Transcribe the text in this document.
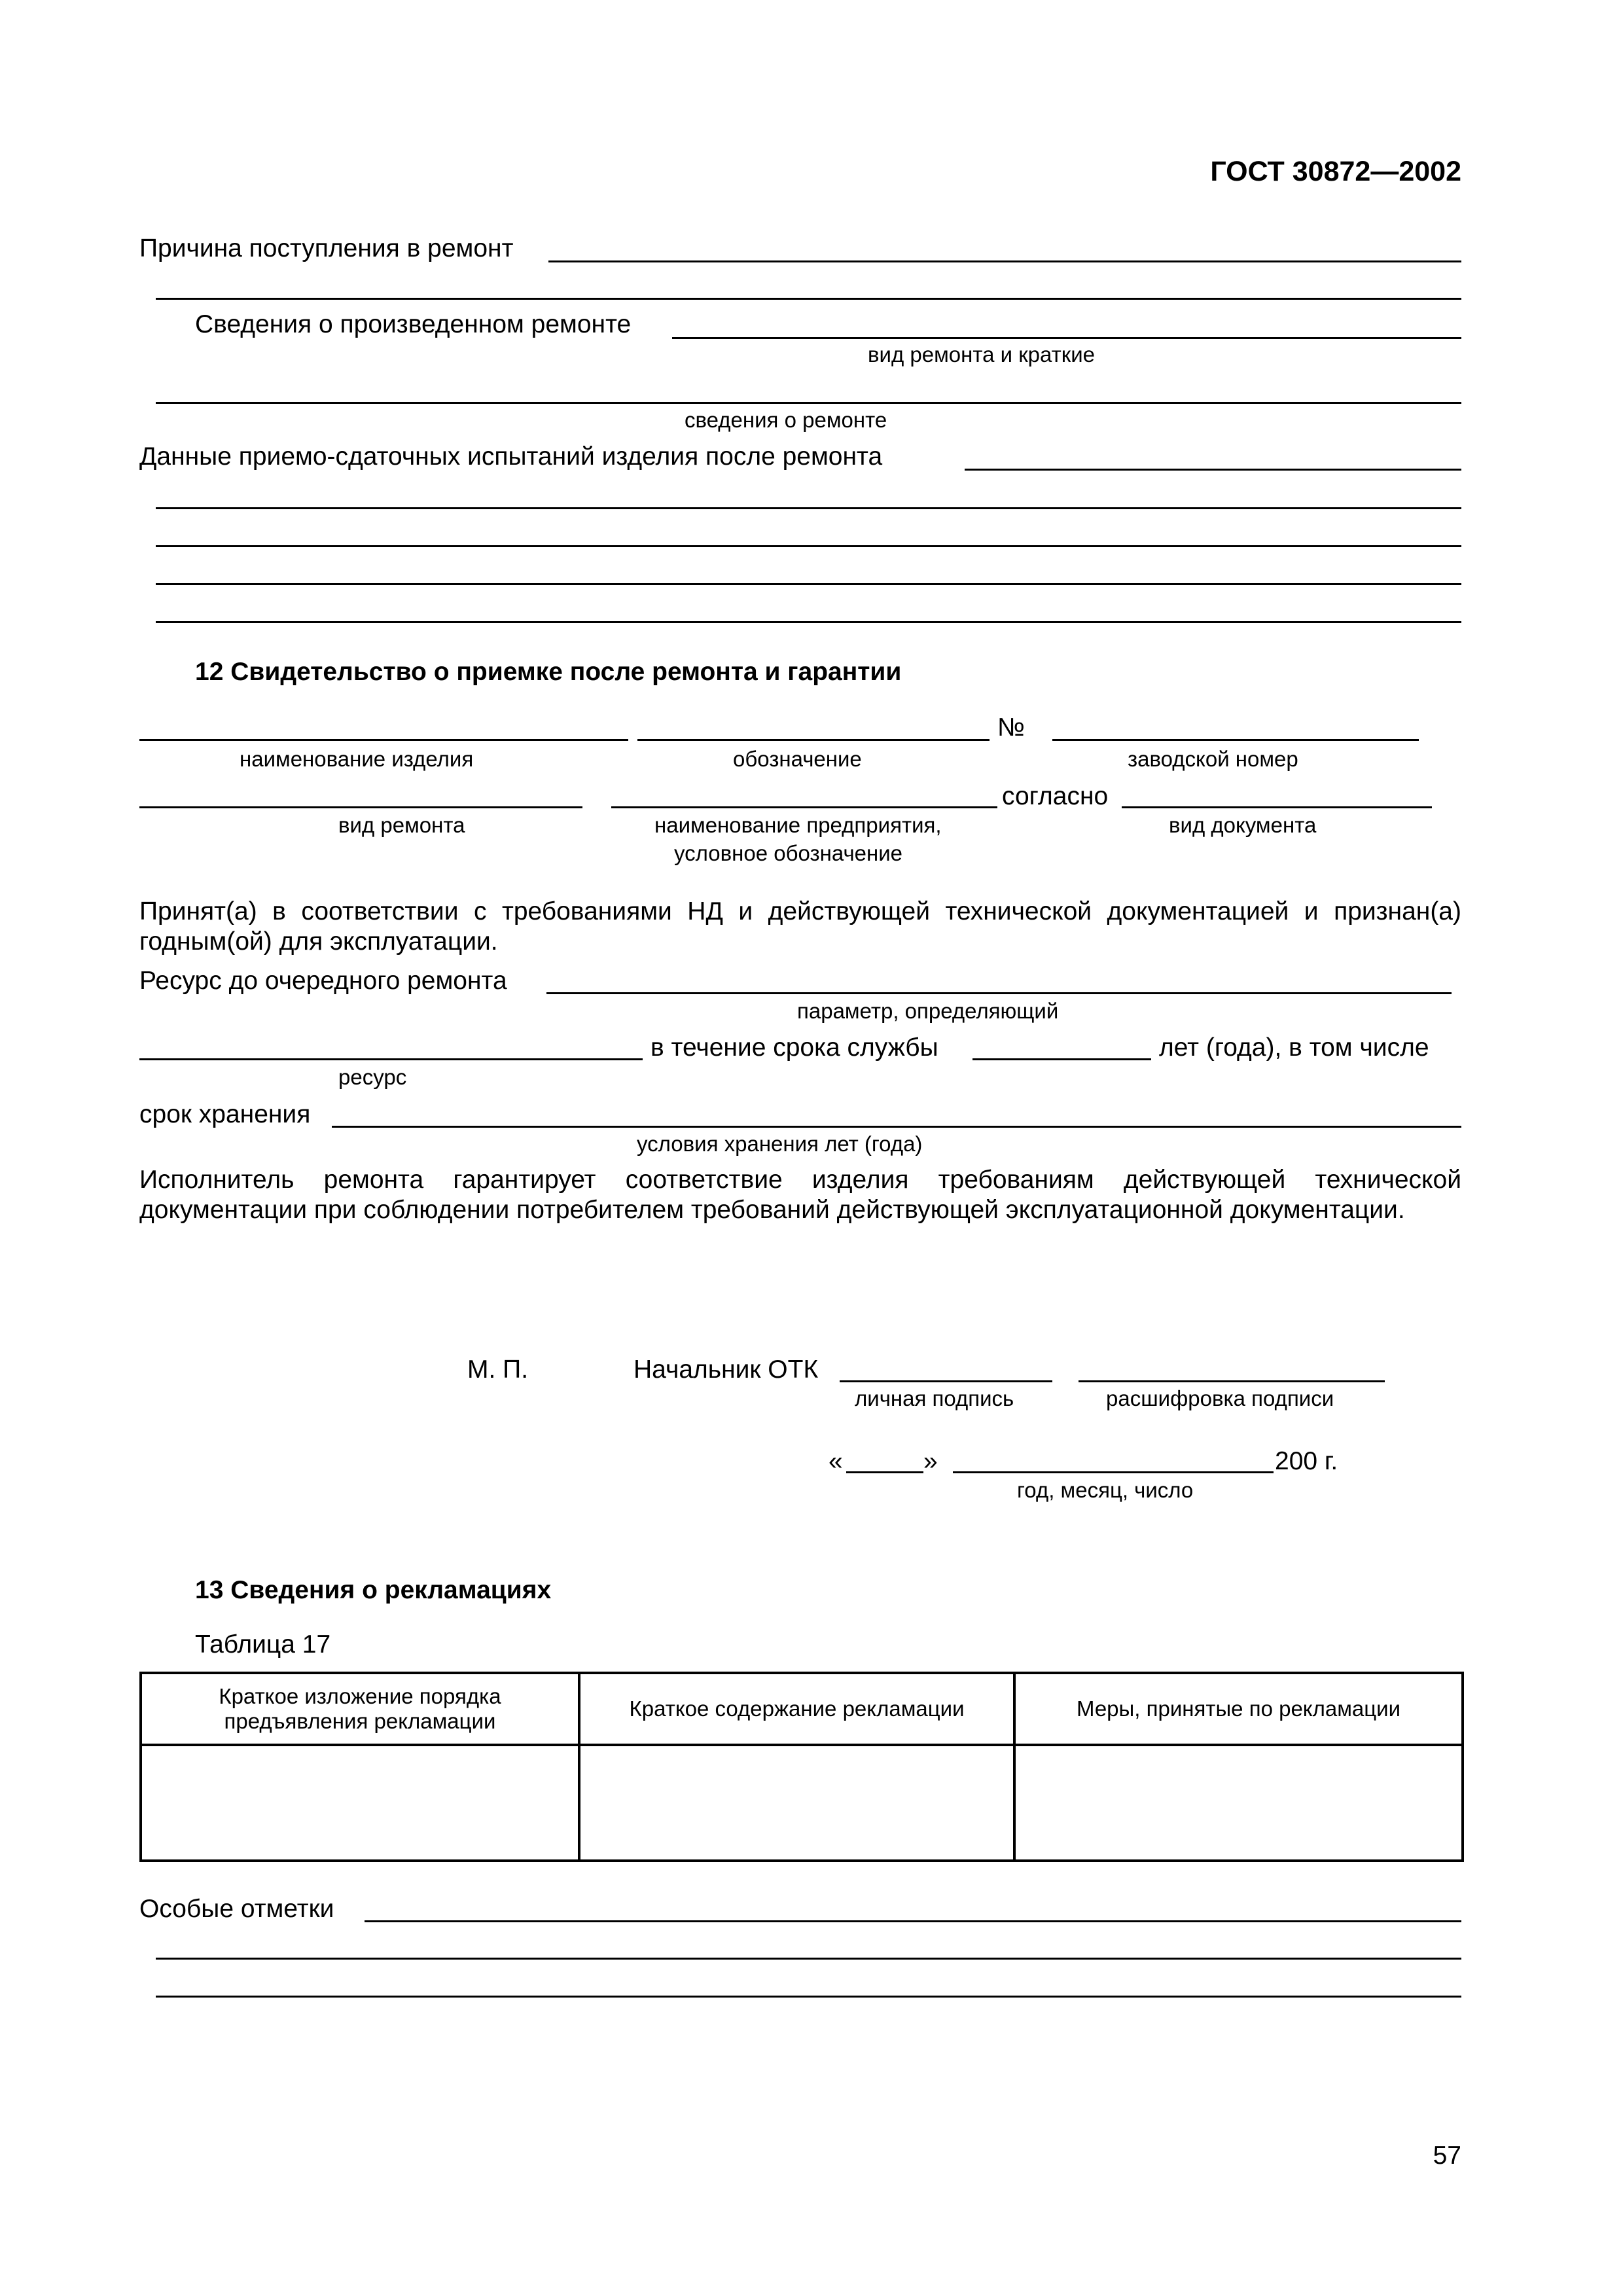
ГОСТ 30872—2002
Причина поступления в ремонт
Сведения о произведенном ремонте
вид ремонта и краткие
сведения о ремонте
Данные приемо-сдаточных испытаний изделия после ремонта
12 Свидетельство о приемке после ремонта и гарантии
№
наименование изделия	обозначение	заводской номер
согласно
вид ремонта	наименование предприятия,
условное обозначение
вид документа
Принят(а) в соответствии с требованиями НД и действующей технической документацией и признан(а) годным(ой) для эксплуатации.
Ресурс до очередного ремонта
параметр, определяющий
в течение срока службы	лет (года), в том числе
ресурс
срок хранения
условия хранения лет (года)
Исполнитель ремонта гарантирует соответствие изделия требованиям действующей технической документации при соблюдении потребителем требований действующей эксплуатационной документации.
М. П.	Начальник ОТК
личная подпись	расшифровка подписи
«	»	200 г.
год, месяц, число
13 Сведения о рекламациях
Таблица 17
Краткое изложение порядка предъявления рекламации	Краткое содержание рекламации	Меры, принятые по рекламации

Особые отметки
57
